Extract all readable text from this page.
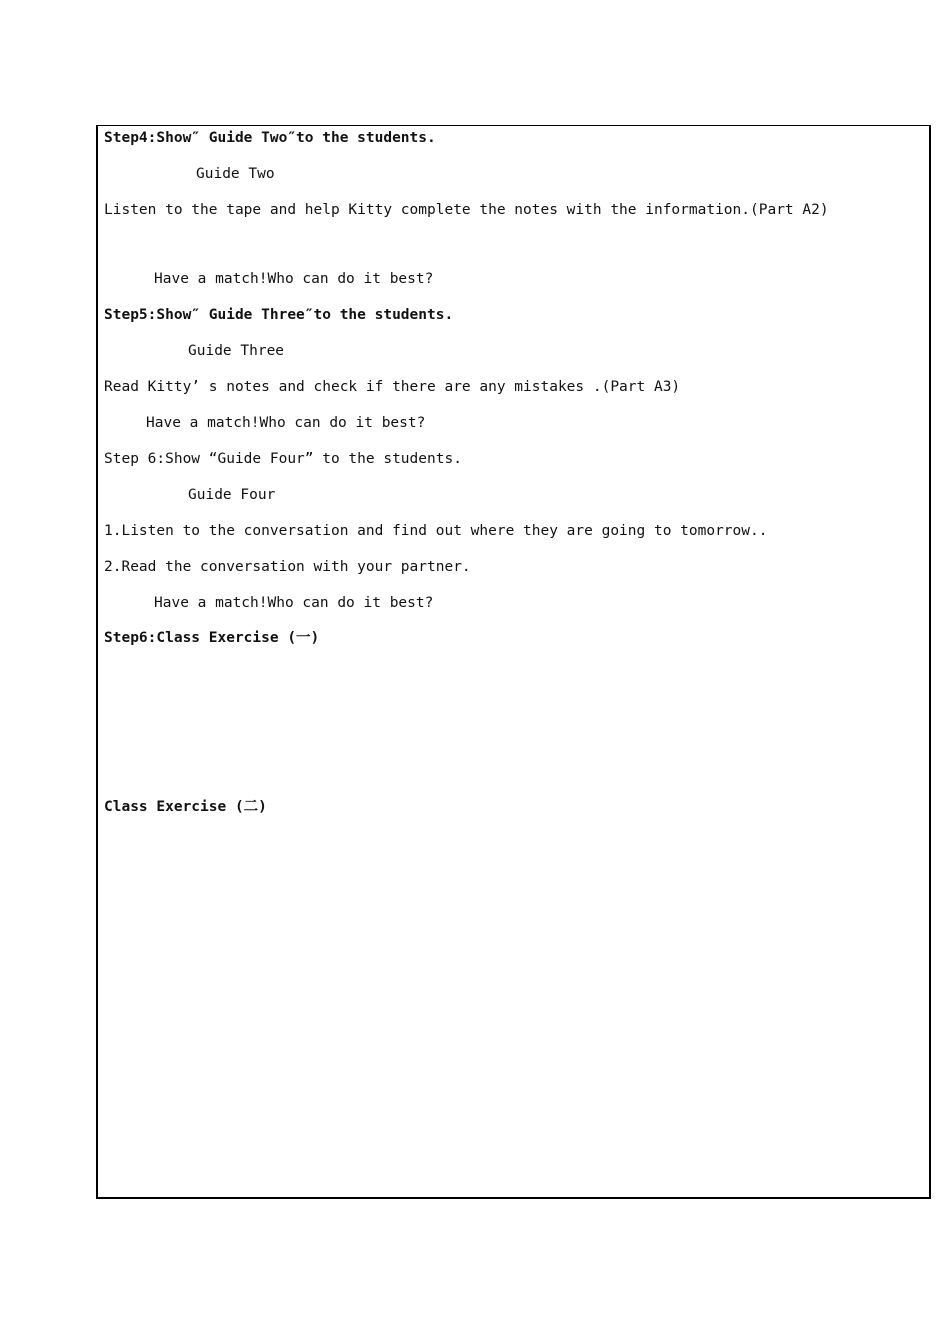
Step4:Show″ Guide Two″to the students.
Guide Two
Listen to the tape and help Kitty complete the notes with the information.(Part A2)
Have a match!Who can do it best?
Step5:Show″ Guide Three″to the students.
Guide Three
Read Kitty’ s notes and check if there are any mistakes .(Part A3)
Have a match!Who can do it best?
Step 6:Show “Guide Four” to the students.
Guide Four
1.Listen to the conversation and find out where they are going to tomorrow..
2.Read the conversation with your partner.
Have a match!Who can do it best?
Step6:Class Exercise (一)
Class Exercise (二)
